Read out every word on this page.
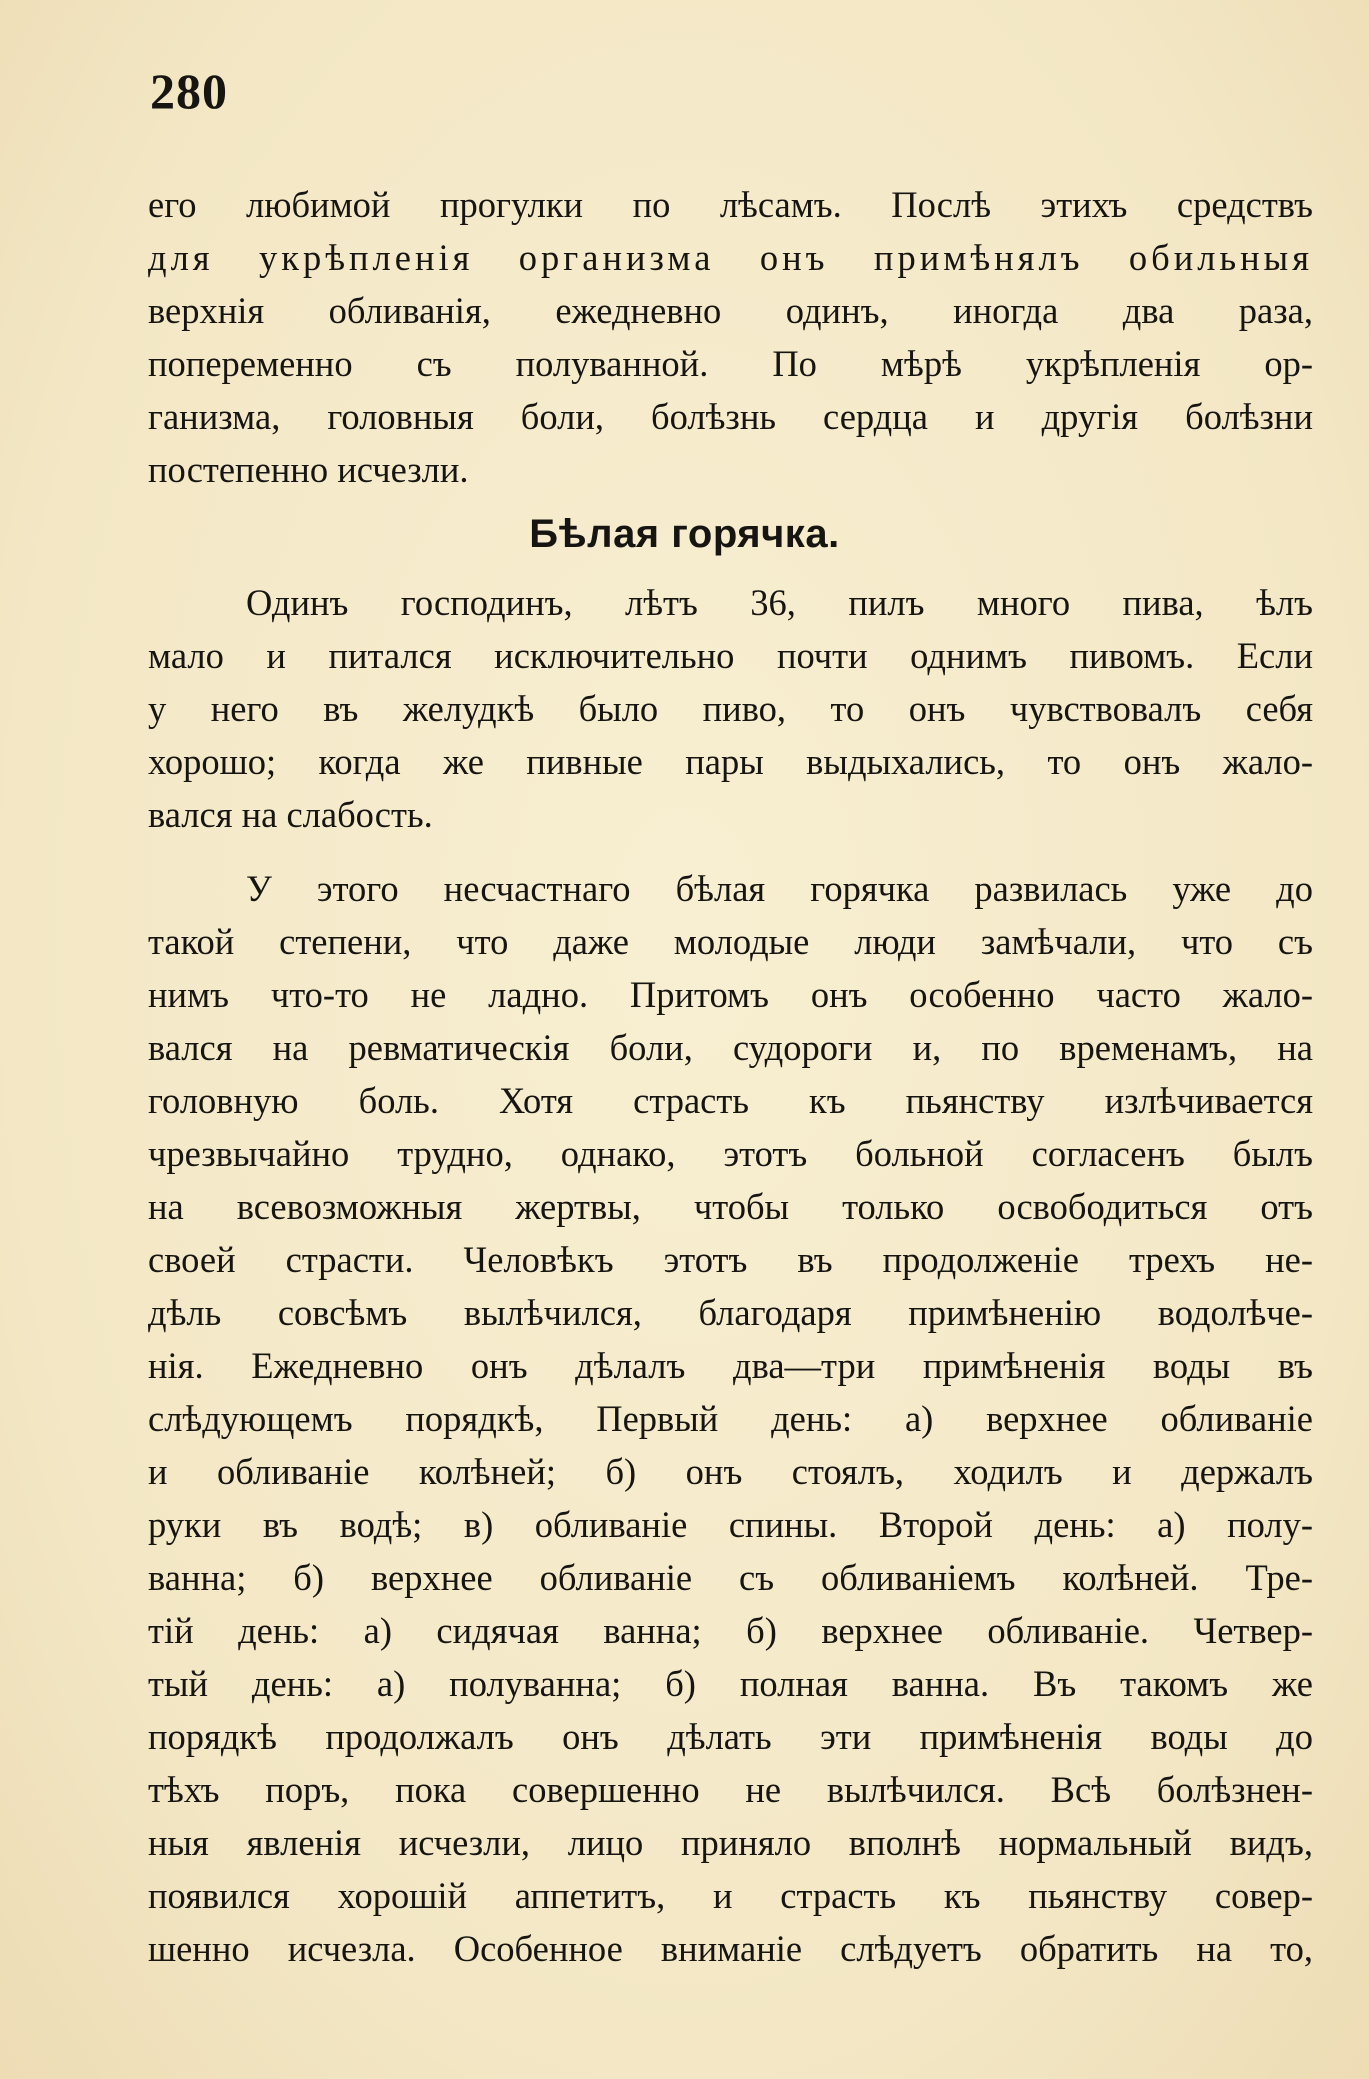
280

его любимой прогулки по лѣсамъ. Послѣ этихъ средствъ
для укрѣпленія организма онъ примѣнялъ обильныя
верхнія обливанія, ежедневно одинъ, иногда два раза,
попеременно съ полуванной. По мѣрѣ укрѣпленія ор-
ганизма, головныя боли, болѣзнь сердца и другія болѣзни
постепенно исчезли.

Бѣлая горячка.

Одинъ господинъ, лѣтъ 36, пилъ много пива, ѣлъ
мало и питался исключительно почти однимъ пивомъ. Если
у него въ желудкѣ было пиво, то онъ чувствовалъ себя
хорошо; когда же пивные пары выдыхались, то онъ жало-
вался на слабость.

У этого несчастнаго бѣлая горячка развилась уже до
такой степени, что даже молодые люди замѣчали, что съ
нимъ что-то не ладно. Притомъ онъ особенно часто жало-
вался на ревматическія боли, судороги и, по временамъ, на
головную боль. Хотя страсть къ пьянству излѣчивается
чрезвычайно трудно, однако, этотъ больной согласенъ былъ
на всевозможныя жертвы, чтобы только освободиться отъ
своей страсти. Человѣкъ этотъ въ продолженіе трехъ не-
дѣль совсѣмъ вылѣчился, благодаря примѣненію водолѣче-
нія. Ежедневно онъ дѣлалъ два—три примѣненія воды въ
слѣдующемъ порядкѣ, Первый день: а) верхнее обливаніе
и обливаніе колѣней; б) онъ стоялъ, ходилъ и держалъ
руки въ водѣ; в) обливаніе спины. Второй день: а) полу-
ванна; б) верхнее обливаніе съ обливаніемъ колѣней. Тре-
тій день: а) сидячая ванна; б) верхнее обливаніе. Четвер-
тый день: а) полуванна; б) полная ванна. Въ такомъ же
порядкѣ продолжалъ онъ дѣлать эти примѣненія воды до
тѣхъ поръ, пока совершенно не вылѣчился. Всѣ болѣзнен-
ныя явленія исчезли, лицо приняло вполнѣ нормальный видъ,
появился хорошій аппетитъ, и страсть къ пьянству совер-
шенно исчезла. Особенное вниманіе слѣдуетъ обратить на то,
